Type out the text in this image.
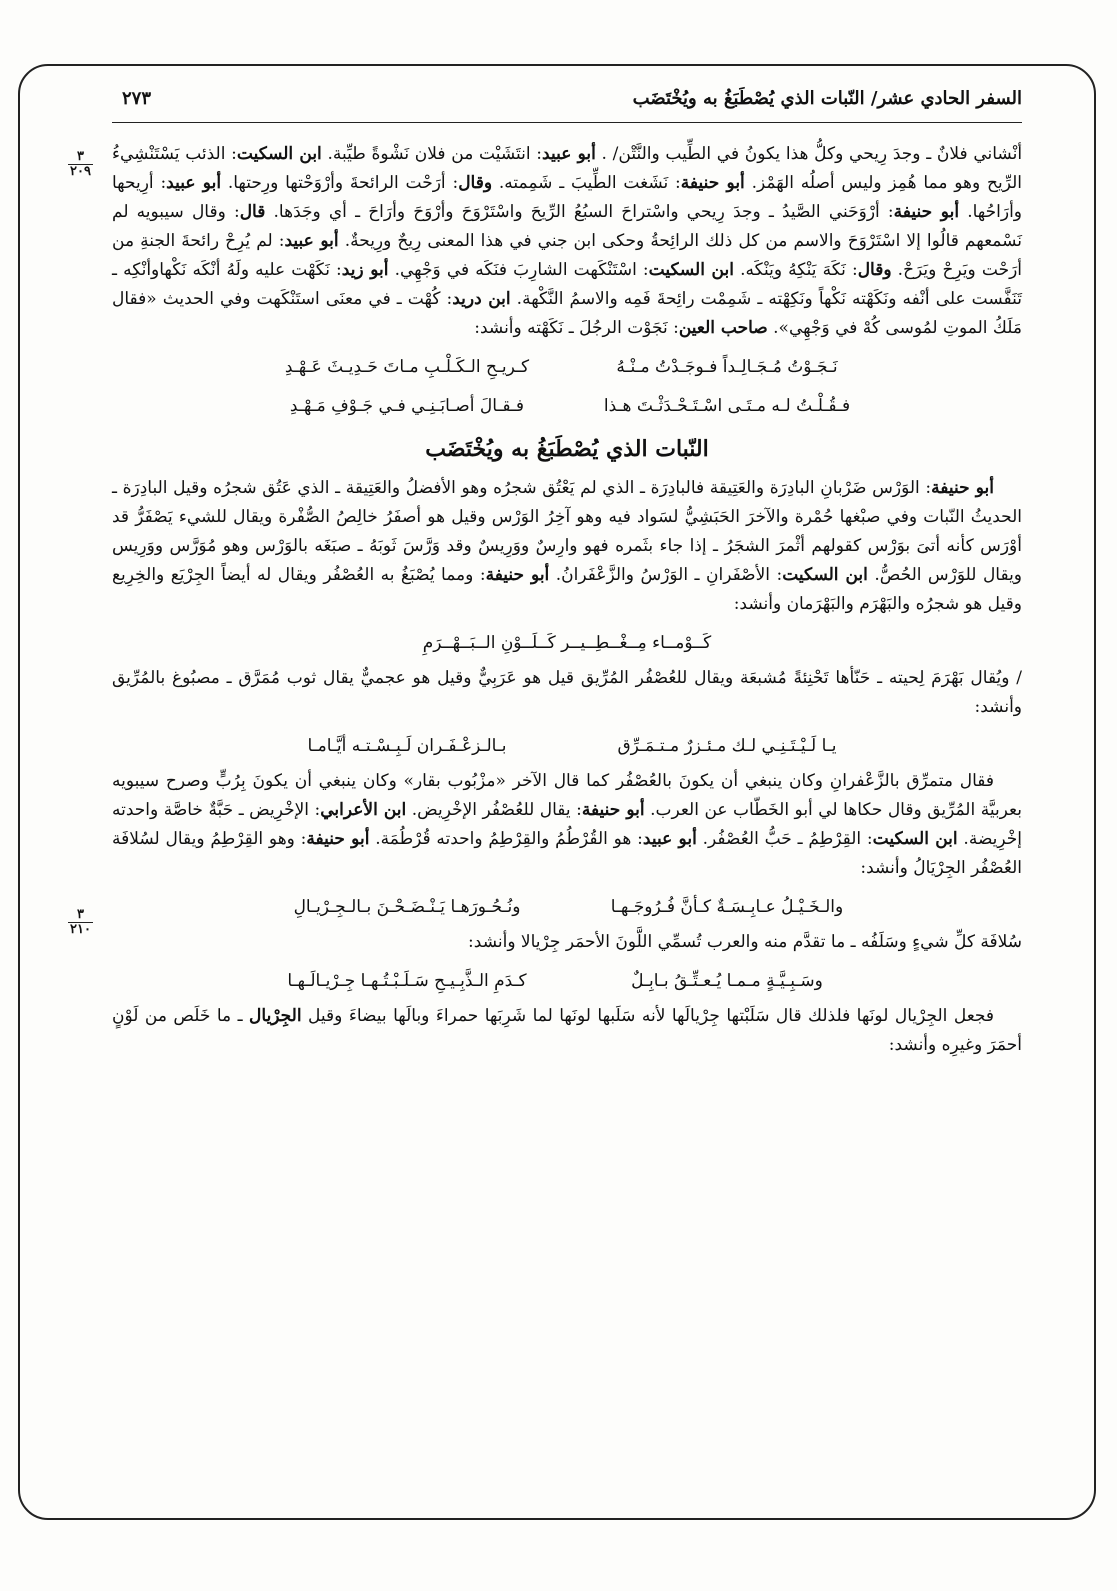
السفر الحادي عشر/ النّبات الذي يُصْطَبَغُ به ويُخْتَضَب
٢٧٣
٣
٢٠٩
٣
٢١٠

أنْشاني فلانٌ ـ وجدَ رِيحي وكلُّ هذا يكونُ في الطِّيب والنَّتْن/ . أبو عبيد: انتَشَيْت من فلان نَشْوةً طيِّبة. ابن السكيت: الذئب يَسْتَنْشِيءُ الرِّيح وهو مما هُمِز وليس أصلُه الهَمْز. أبو حنيفة: نَشَغت الطِّيبَ ـ شَمِمته. وقال: أرَحْت الرائحةَ وأرْوَحْتها ورِحتها. أبو عبيد: أرِيحها وأرَاحُها. أبو حنيفة: أرْوَحَني الصَّيدُ ـ وجدَ رِيحي واسْتراحَ السبُعُ الرِّيحَ واسْتَرْوَحَ وأرْوَحَ وأرَاحَ ـ أي وجَدَها. قال: وقال سيبويه لم نَسْمعهم قالُوا إلا اسْتَرْوَحَ والاسم من كل ذلك الرائِحةُ وحكى ابن جني في هذا المعنى رِيحٌ ورِيحةٌ. أبو عبيد: لم يُرِحْ رائحةَ الجنةِ من أرَحْت ويَرِحْ ويَرَحْ. وقال: نَكَهَ يَنْكِهُ ويَنْكَه. ابن السكيت: اسْتَنْكَهت الشارِبَ فنَكَه في وَجْهِي. أبو زيد: نَكَهْت عليه ولَهُ أنْكَه نَكْهاوأنْكِه ـ تَنَفَّست على أنْفه ونَكَهْته نَكْهاً ونَكِهْته ـ شَمِمْت رائِحةَ فَمِه والاسمُ النَّكْهة. ابن دريد: كُهْت ـ في معنَى استَنْكَهت وفي الحديث «فقال مَلَكُ الموتِ لمُوسى كُهْ في وَجْهِي». صاحب العين: نَجَوْت الرجُلَ ـ نَكَهْته وأنشد:

نَـجَـوْتُ مُـجَـالِـداً فـوجَـدْتُ مـنْـهُ
كـريـحِ الـكَـلْـبِ مـاتَ حَـدِيـثَ عَـهْـدِ
فـقُـلْـتُ لـه مـتَـى اسْـتَـحْـدَثْـتَ هـذا
فـقـالَ أصـابَـنِـي فـي جَـوْفِ مَـهْـدِ
النّبات الذي يُصْطَبَغُ به ويُخْتَضَب

أبو حنيفة: الوَرْس ضَرْبانِ البادِرَة والعَتِيقة فالبادِرَة ـ الذي لم يَعْتُق شجرُه وهو الأفضلُ والعَتِيقة ـ الذي عَتُق شجرُه وقيل البادِرَة ـ الحديثُ النّبات وفي صبْغها حُمْرة والآخرَ الحَبَشِيُّ لسَواد فيه وهو آخِرُ الوَرْس وقيل هو أصفَرُ خالِصُ الصُّفْرة ويقال للشيء يَصْفَرُّ قد أوْرَس كأنه أتىَ بوَرْس كقولهم أثْمرَ الشجَرُ ـ إذا جاء بثَمره فهو وارِسٌ ووَرِيسٌ وقد وَرَّسَ ثَوبَهُ ـ صبَغَه بالوَرْس وهو مُوَرَّس ووَرِيس ويقال للوَرْس الحُصُّ. ابن السكيت: الأصْفَرانِ ـ الوَرْسُ والزَّعْفَرانُ. أبو حنيفة: ومما يُصْبَغُ به العُصْفُر ويقال له أيضاً الجِرْيَع والخِرِيع وقيل هو شجرُه والبَهْرَم والبَهْرَمان وأنشد:

كَــوْمــاء مِــغْــطِــيــر كَــلَــوْنِ الــبَــهْــرَمِ

/ ويُقال بَهْرَمَ لِحيته ـ حَنّأها تَحْنِئةً مُشبعَة ويقال للعُصْفُر المُرِّيق قيل هو عَرَبِيٌّ وقيل هو عجميٌّ يقال ثوب مُمَرَّق ـ مصبُوغ بالمُرِّيق وأنشد:

يـا لَـيْـتَـنِـي لـك مـئـزرٌ مـتـمَـرِّق
بـالـزعْـفَـران لَـبِـسْـتـه أيَّـامـا

فقال متمرِّق بالزَّعْفرانِ وكان ينبغي أن يكونَ بالعُصْفُر كما قال الآخر «مزْبُوب بقار» وكان ينبغي أن يكونَ بِرُبٍّ وصرح سيبويه بعربيَّة المُرِّيق وقال حكاها لي أبو الخَطّاب عن العرب. أبو حنيفة: يقال للعُصْفُر الإخْرِيض. ابن الأعرابي: الإخْرِيض ـ حَبَّةٌ خاصَّة واحدته إخْرِيضة. ابن السكيت: القِرْطِمُ ـ حَبُّ العُصْفُر. أبو عبيد: هو القُرْطُمُ والقِرْطِمُ واحدته قُرْطُمَة. أبو حنيفة: وهو القِرْطِمُ ويقال لسُلافَة العُصْفُر الجِرْيَالُ وأنشد:

والـخَـيْـلُ عـابِـسَـةٌ كـأنَّ فُـرُوجَـهـا
ونُـحُـورَهـا يَـنْـضَـحْـنَ بـالـجِـرْيـالِ

سُلافَة كلِّ شيءٍ وسَلَفُه ـ ما تقدَّم منه والعرب تُسمِّي اللَّونَ الأحمَر جِرْيالا وأنشد:

وسَـبِـيَّـةٍ مـمـا يُـعـتِّـقُ بـابِـلٌ
كـدَمِ الـذَّبِـيـحِ سَـلَـبْـتُـهـا جِـرْيـالَـهـا

فجعل الجِرْيال لونَها فلذلك قال سَلَبْتها جِرْيالَها لأنه سَلَبها لونَها لما شَرِبَها حمراءَ وبالَها بيضاءَ وقيل الجِرْيال ـ ما خَلَص من لَوْنٍ أحمَرَ وغيرِه وأنشد:
